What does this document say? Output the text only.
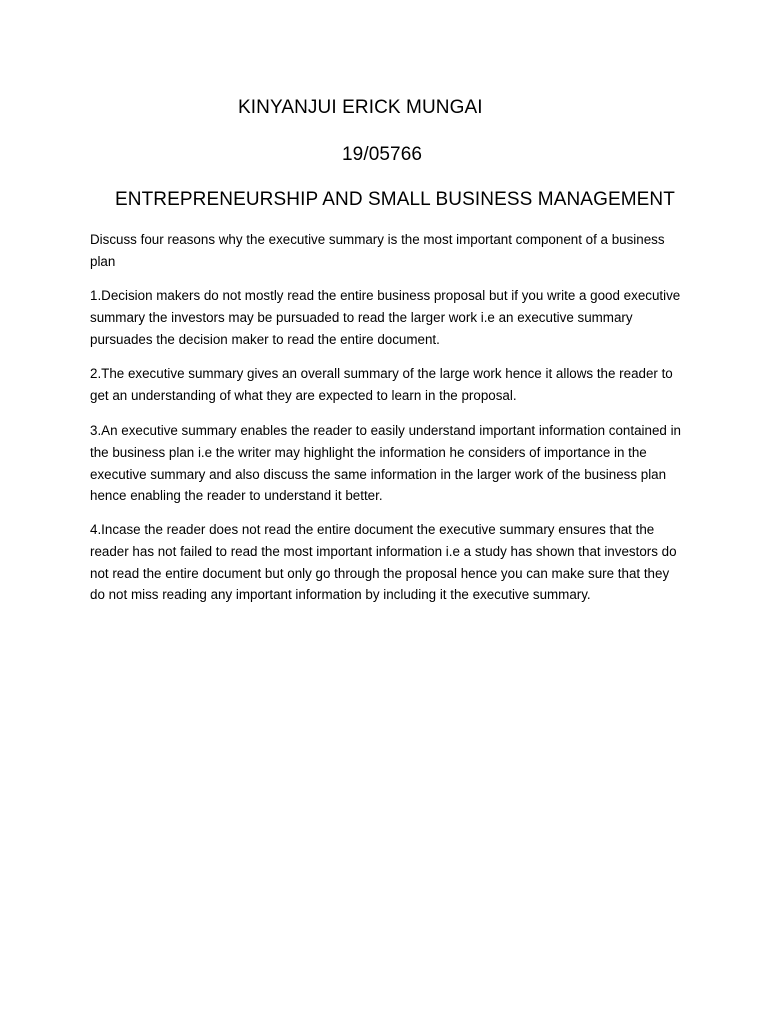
KINYANJUI ERICK MUNGAI
19/05766
ENTREPRENEURSHIP AND SMALL BUSINESS MANAGEMENT

Discuss four reasons why the executive summary is the most important component of a business plan

1.Decision makers do not mostly read the entire business proposal but if you write a good executive summary the investors may be pursuaded to read the larger work i.e an executive summary pursuades the decision maker to read the entire document.

2.The executive summary gives an overall summary of the large work hence it allows the reader to get an understanding of what they are expected to learn in the proposal.

3.An executive summary enables the reader to easily understand important information contained in the business plan i.e the writer may highlight the information he considers of importance in the executive summary and also discuss the same information in the larger work of the business plan hence enabling the reader to understand it better.

4.Incase the reader does not read the entire document the executive summary ensures that the reader has not failed to read the most important information i.e a study has shown that investors do not read the entire document but only go through the proposal hence you can make sure that they do not miss reading any important information by including it the executive summary.
